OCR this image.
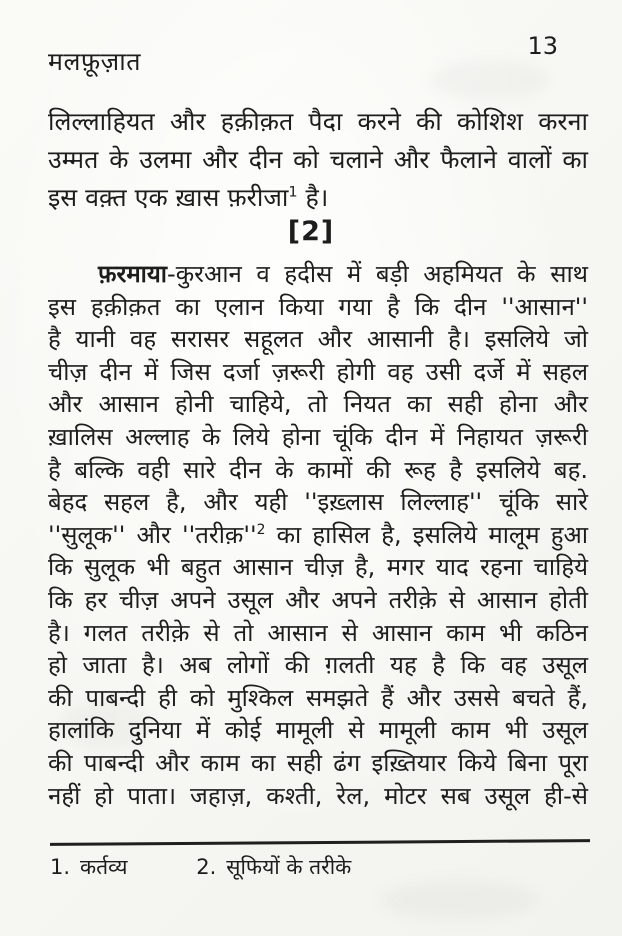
मलफ़ूज़ात
13
लिल्लाहियत और हक़ीक़त पैदा करने की कोशिश करना
उम्मत के उलमा और दीन को चलाने और फैलाने वालों का
इस वक़्त एक ख़ास फ़रीजा$^1$ है।
[2]
फ़रमाया-कुरआन व हदीस में बड़ी अहमियत के साथ
इस हक़ीक़त का एलान किया गया है कि दीन ''आसान''
है यानी वह सरासर सहूलत और आसानी है। इसलिये जो
चीज़ दीन में जिस दर्जा ज़रूरी होगी वह उसी दर्जे में सहल
और आसान होनी चाहिये, तो नियत का सही होना और
ख़ालिस अल्लाह के लिये होना चूंकि दीन में निहायत ज़रूरी
है बल्कि वही सारे दीन के कामों की रूह है इसलिये बह.
बेहद सहल है, और यही ''इख़्लास लिल्लाह'' चूंकि सारे
''सुलूक'' और ''$तरीक़''^2$ का हासिल है, इसलिये मालूम हुआ
कि सुलूक भी बहुत आसान चीज़ है, मगर याद रहना चाहिये
कि हर चीज़ अपने उसूल और अपने तरीक़े से आसान होती
है। गलत तरीक़े से तो आसान से आसान काम भी कठिन
हो जाता है। अब लोगों की ग़लती यह है कि वह उसूल
की पाबन्दी ही को मुश्किल समझते हैं और उससे बचते हैं,
हालांकि दुनिया में कोई मामूली से मामूली काम भी उसूल
की पाबन्दी और काम का सही ढंग इख़्तियार किये बिना पूरा
नहीं हो पाता। जहाज़, कश्ती, रेल, मोटर सब उसूल ही-से
1. कर्तव्य	2. सूफियों के तरीके
